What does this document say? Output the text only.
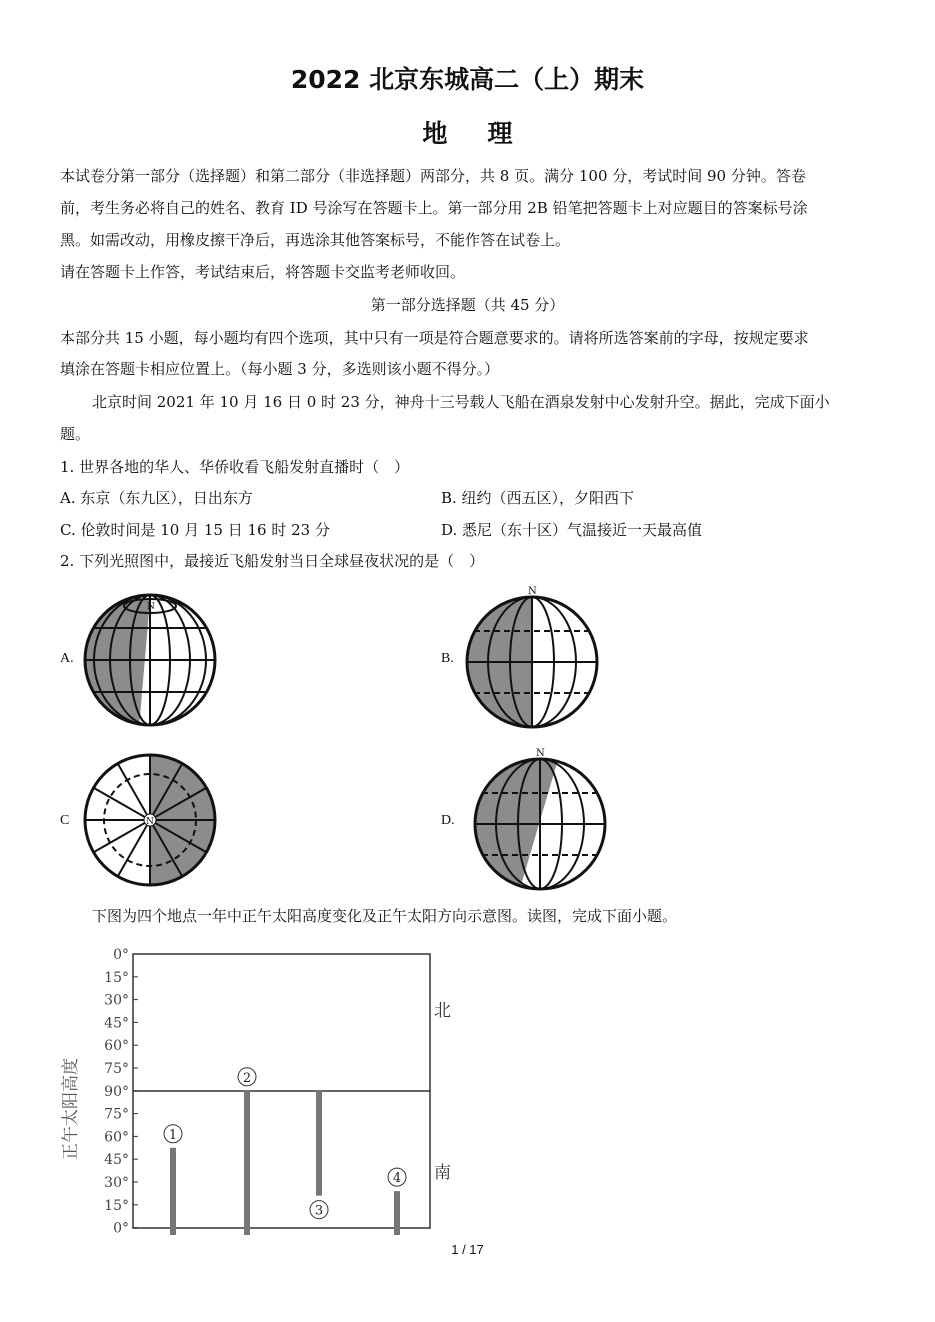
2022 北京东城高二（上）期末
地理
本试卷分第一部分（选择题）和第二部分（非选择题）两部分，共 8 页。满分 100 分，考试时间 90 分钟。答卷
前，考生务必将自己的姓名、教育 ID 号涂写在答题卡上。第一部分用 2B 铅笔把答题卡上对应题目的答案标号涂
黑。如需改动，用橡皮擦干净后，再选涂其他答案标号，不能作答在试卷上。
请在答题卡上作答，考试结束后，将答题卡交监考老师收回。
第一部分选择题（共 45 分）
本部分共 15 小题，每小题均有四个选项，其中只有一项是符合题意要求的。请将所选答案前的字母，按规定要求
填涂在答题卡相应位置上。（每小题 3 分，多选则该小题不得分。）
北京时间 2021 年 10 月 16 日 0 时 23 分，神舟十三号载人飞船在酒泉发射中心发射升空。据此，完成下面小
题。
1. 世界各地的华人、华侨收看飞船发射直播时（　）
A. 东京（东九区），日出东方	B. 纽约（西五区），夕阳西下
C. 伦敦时间是 10 月 15 日 16 时 23 分	D. 悉尼（东十区）气温接近一天最高值
2. 下列光照图中，最接近飞船发射当日全球昼夜状况的是（　）
A.
N
B.
N
C	N	D.
N
下图为四个地点一年中正午太阳高度变化及正午太阳方向示意图。读图，完成下面小题。
0°
15°
30°
45°
60°
75°
90°
75°
60°
45°
30°
15°
0°
1
2
3
4
正午太阳高度
北
南
1 / 17
